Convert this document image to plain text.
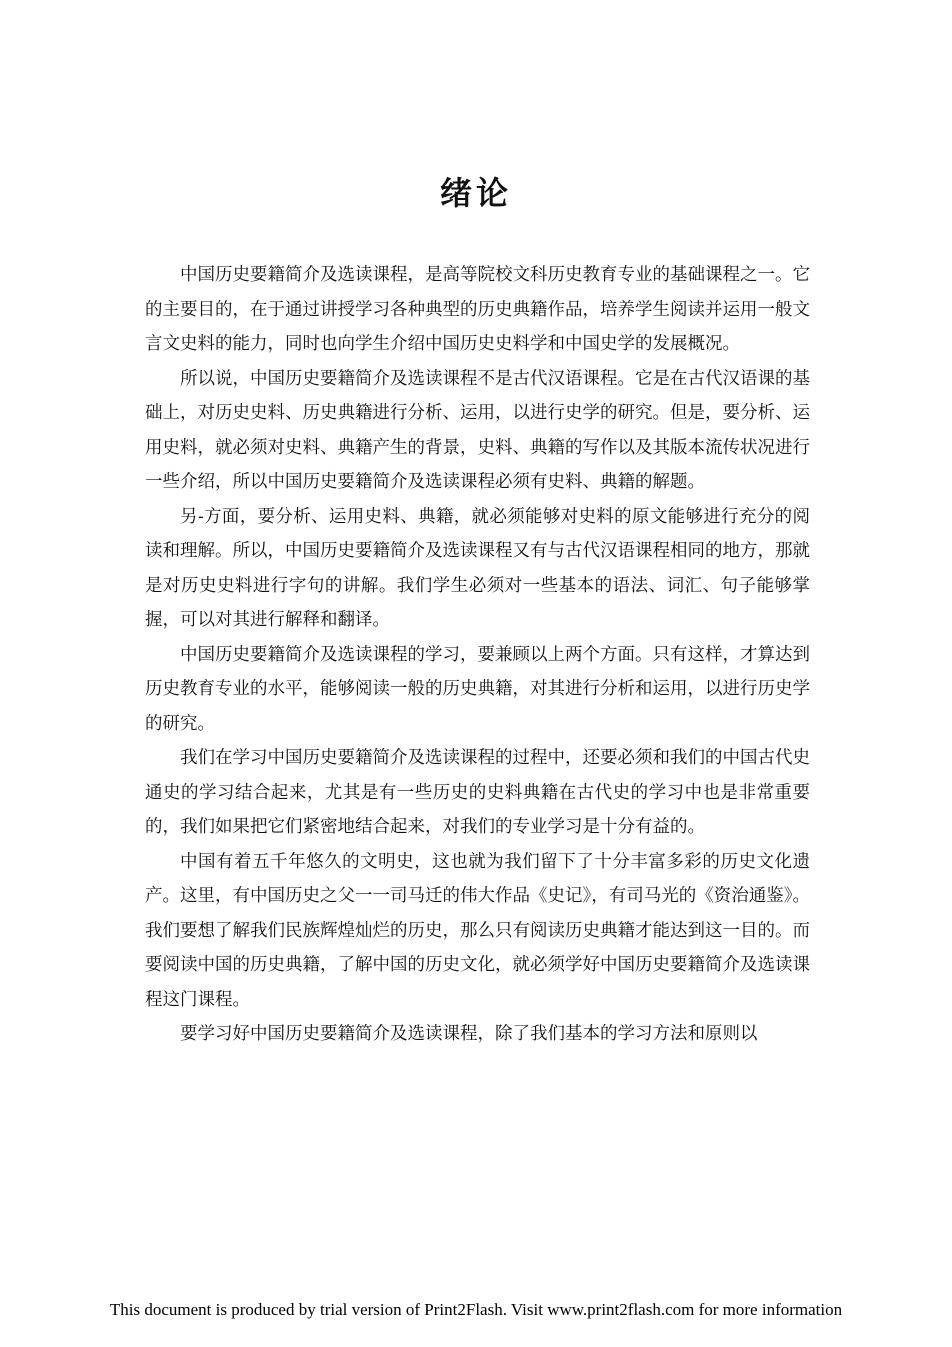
绪论

中国历史要籍简介及选读课程，是高等院校文科历史教育专业的基础课程之一。它的主要目的，在于通过讲授学习各种典型的历史典籍作品，培养学生阅读并运用一般文言文史料的能力，同时也向学生介绍中国历史史料学和中国史学的发展概况。

所以说，中国历史要籍简介及选读课程不是古代汉语课程。它是在古代汉语课的基础上，对历史史料、历史典籍进行分析、运用，以进行史学的研究。但是，要分析、运用史料，就必须对史料、典籍产生的背景，史料、典籍的写作以及其版本流传状况进行一些介绍，所以中国历史要籍简介及选读课程必须有史料、典籍的解题。

另-方面，要分析、运用史料、典籍，就必须能够对史料的原文能够进行充分的阅读和理解。所以，中国历史要籍简介及选读课程又有与古代汉语课程相同的地方，那就是对历史史料进行字句的讲解。我们学生必须对一些基本的语法、词汇、句子能够掌握，可以对其进行解释和翻译。

中国历史要籍简介及选读课程的学习，要兼顾以上两个方面。只有这样，才算达到历史教育专业的水平，能够阅读一般的历史典籍，对其进行分析和运用，以进行历史学的研究。

我们在学习中国历史要籍简介及选读课程的过程中，还要必须和我们的中国古代史通史的学习结合起来，尤其是有一些历史的史料典籍在古代史的学习中也是非常重要的，我们如果把它们紧密地结合起来，对我们的专业学习是十分有益的。

中国有着五千年悠久的文明史，这也就为我们留下了十分丰富多彩的历史文化遗产。这里，有中国历史之父一一司马迁的伟大作品《史记》，有司马光的《资治通鉴》。我们要想了解我们民族辉煌灿烂的历史，那么只有阅读历史典籍才能达到这一目的。而要阅读中国的历史典籍，了解中国的历史文化，就必须学好中国历史要籍简介及选读课程这门课程。

要学习好中国历史要籍简介及选读课程，除了我们基本的学习方法和原则以

This document is produced by trial version of Print2Flash. Visit www.print2flash.com for more information
